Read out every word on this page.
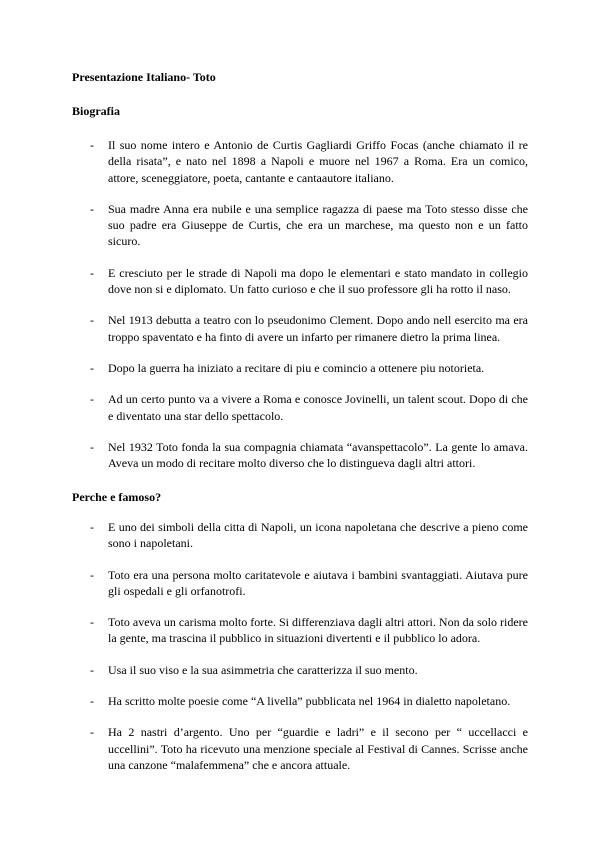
Presentazione Italiano- Toto
Biografia
- Il suo nome intero e Antonio de Curtis Gagliardi Griffo Focas (anche chiamato il re della risata”, e nato nel 1898 a Napoli e muore nel 1967 a Roma. Era un comico, attore, sceneggiatore, poeta, cantante e cantaautore italiano.
- Sua madre Anna era nubile e una semplice ragazza di paese ma Toto stesso disse che suo padre era Giuseppe de Curtis, che era un marchese, ma questo non e un fatto sicuro.
- E cresciuto per le strade di Napoli ma dopo le elementari e stato mandato in collegio dove non si e diplomato. Un fatto curioso e che il suo professore gli ha rotto il naso.
- Nel 1913 debutta a teatro con lo pseudonimo Clement. Dopo ando nell esercito ma era troppo spaventato e ha finto di avere un infarto per rimanere dietro la prima linea.
- Dopo la guerra ha iniziato a recitare di piu e comincio a ottenere piu notorieta.
- Ad un certo punto va a vivere a Roma e conosce Jovinelli, un talent scout. Dopo di che e diventato una star dello spettacolo.
- Nel 1932 Toto fonda la sua compagnia chiamata “avanspettacolo”. La gente lo amava. Aveva un modo di recitare molto diverso che lo distingueva dagli altri attori.
Perche e famoso?
- E uno dei simboli della citta di Napoli, un icona napoletana che descrive a pieno come sono i napoletani.
- Toto era una persona molto caritatevole e aiutava i bambini svantaggiati. Aiutava pure gli ospedali e gli orfanotrofi.
- Toto aveva un carisma molto forte. Si differenziava dagli altri attori. Non da solo ridere la gente, ma trascina il pubblico in situazioni divertenti e il pubblico lo adora.
- Usa il suo viso e la sua asimmetria che caratterizza il suo mento.
- Ha scritto molte poesie come “A livella” pubblicata nel 1964 in dialetto napoletano.
- Ha 2 nastri d’argento. Uno per “guardie e ladri” e il secono per “ uccellacci e uccellini”. Toto ha ricevuto una menzione speciale al Festival di Cannes. Scrisse anche una canzone “malafemmena” che e ancora attuale.
